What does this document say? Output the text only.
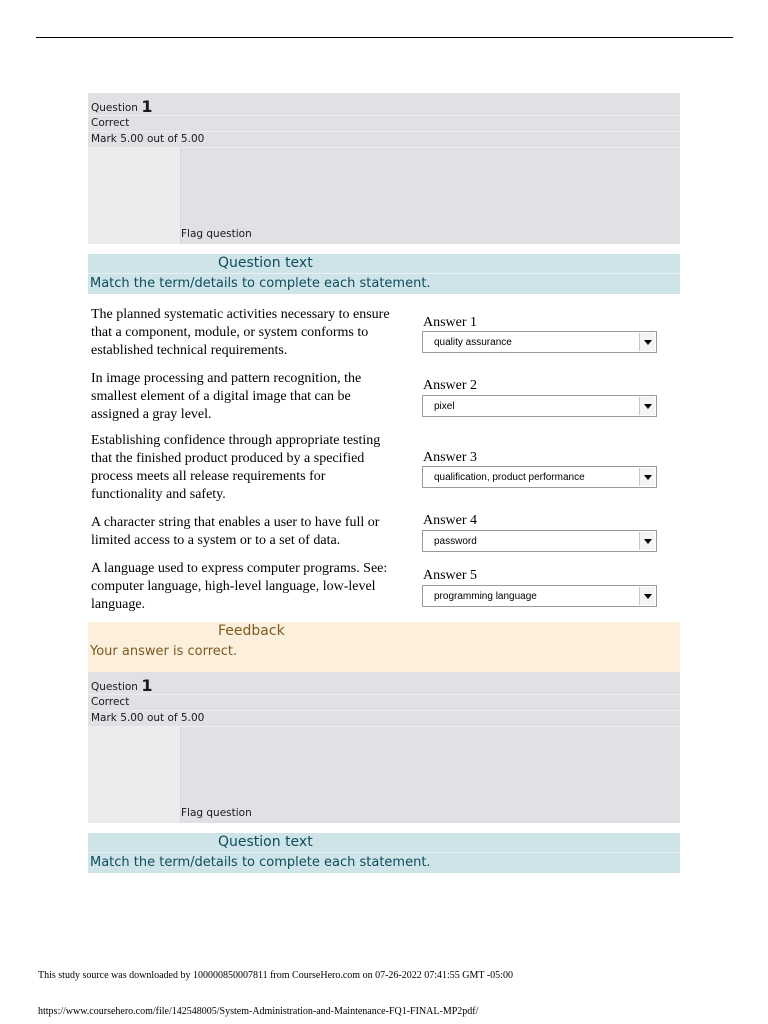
Question 1
Correct
Mark 5.00 out of 5.00
Flag question
Question text
Match the term/details to complete each statement.
The planned systematic activities necessary to ensure
that a component, module, or system conforms to
established technical requirements.
Answer 1
quality assurance
In image processing and pattern recognition, the
smallest element of a digital image that can be
assigned a gray level.
Answer 2
pixel
Establishing confidence through appropriate testing
that the finished product produced by a specified
process meets all release requirements for
functionality and safety.
Answer 3
qualification, product performance
A character string that enables a user to have full or
limited access to a system or to a set of data.
Answer 4
password
A language used to express computer programs. See:
computer language, high-level language, low-level
language.
Answer 5
programming language
Feedback
Your answer is correct.
Question 1
Correct
Mark 5.00 out of 5.00
Flag question
Question text
Match the term/details to complete each statement.
This study source was downloaded by 100000850007811 from CourseHero.com on 07-26-2022 07:41:55 GMT -05:00
https://www.coursehero.com/file/142548005/System-Administration-and-Maintenance-FQ1-FINAL-MP2pdf/
